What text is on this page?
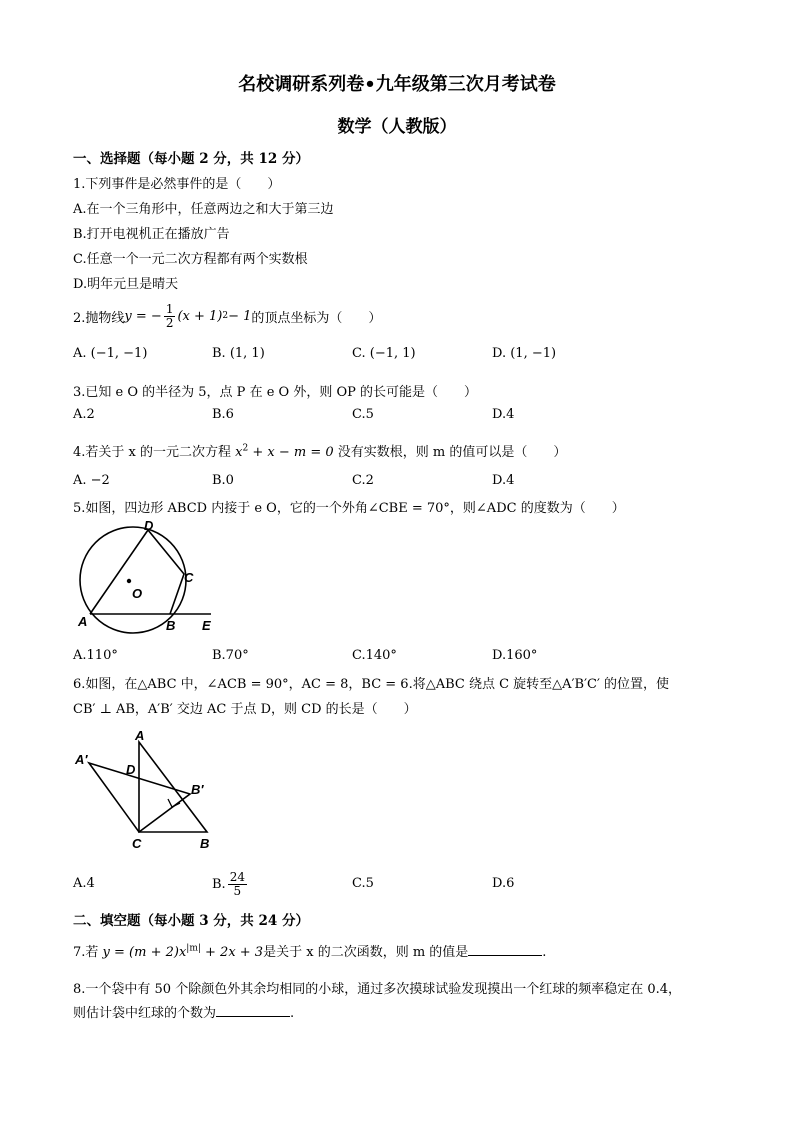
名校调研系列卷•九年级第三次月考试卷
数学（人教版）
一、选择题（每小题 2 分，共 12 分）
1.下列事件是必然事件的是（　　）
A.在一个三角形中，任意两边之和大于第三边
B.打开电视机正在播放广告
C.任意一个一元二次方程都有两个实数根
D.明年元旦是晴天
2.抛物线 y = − $\frac{1}{2} (x + 1) 2 - 1$ 的顶点坐标为（　　）
A. (−1, −1)	B. (1, 1)	C. (−1, 1)	D. (1, −1)
3.已知 e O 的半径为 5，点 P 在 e O 外，则 OP 的长可能是（　　）
A.2	B.6	C.5	D.4
4.若关于 x 的一元二次方程 $x^2 + x - m = 0$ 没有实数根，则 m 的值可以是（　　）
A. −2	B.0	C.2	D.4
5.如图，四边形 ABCD 内接于 e O，它的一个外角∠CBE = 70°，则∠ADC 的度数为（　　）
D
C
O
A	B E
A.110°	B.70°	C.140°	D.160°
6.如图，在△ABC 中，∠ACB = 90°，AC = 8，BC = 6.将△ABC 绕点 C 旋转至△A′B′C′ 的位置，使
CB′ ⊥ AB，A′B′ 交边 AC 于点 D，则 CD 的长是（　　）
A
A′
D
B′
C	B
A.4	B. $\frac{24}{5}$	C.5	D.6
二、填空题（每小题 3 分，共 24 分）
7.若 $y = (m + 2)x^{|m|} + 2x + 3$是关于 x 的二次函数，则 m 的值是	.
8.一个袋中有 50 个除颜色外其余均相同的小球，通过多次摸球试验发现摸出一个红球的频率稳定在 0.4，
则估计袋中红球的个数为	.
